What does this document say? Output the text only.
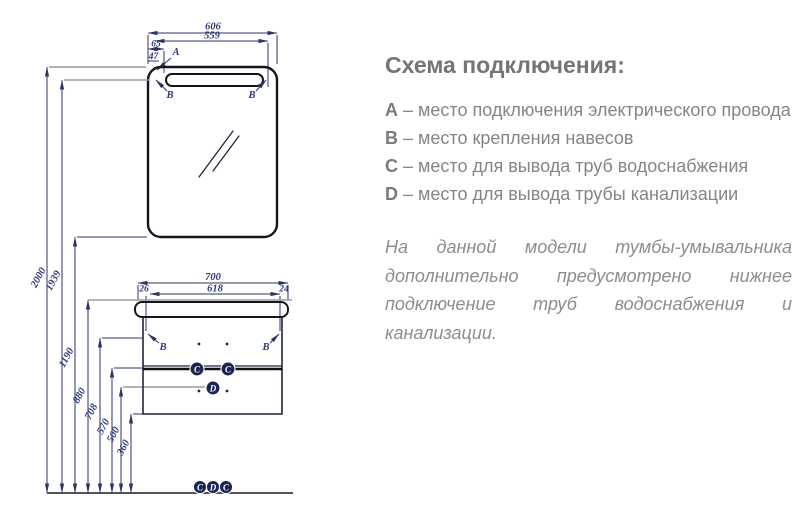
606
559
65
47 A
B	B
2000
1939
1190
880
708
570
500
360
700
618
26	24
B	B
C	C
D
C D C
Схема подключения:
A – место подключения электрического провода
B – место крепления навесов
C – место для вывода труб водоснабжения
D – место для вывода трубы канализации

На данной модели тумбы-умывальника дополнительно предусмотрено нижнее подключение труб водоснабжения и канализации.
